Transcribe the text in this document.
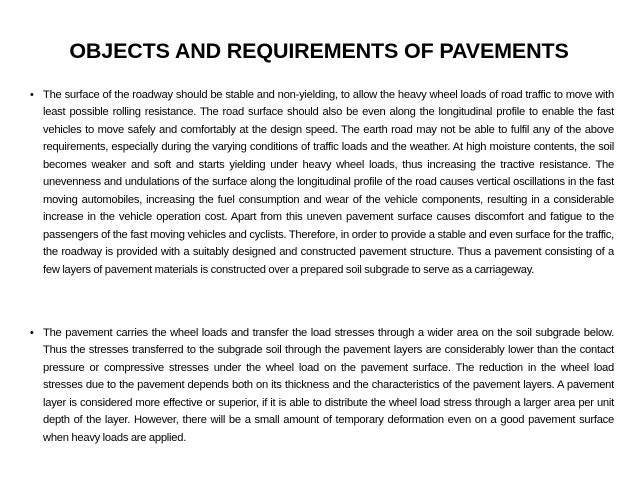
OBJECTS AND REQUIREMENTS OF PAVEMENTS
• The surface of the roadway should be stable and non-yielding, to allow the heavy wheel loads of road traffic to move with least possible rolling resistance. The road surface should also be even along the longitudinal profile to enable the fast vehicles to move safely and comfortably at the design speed. The earth road may not be able to fulfil any of the above requirements, especially during the varying conditions of traffic loads and the weather. At high moisture contents, the soil becomes weaker and soft and starts yielding under heavy wheel loads, thus increasing the tractive resistance. The unevenness and undulations of the surface along the longitudinal profile of the road causes vertical oscillations in the fast moving automobiles, increasing the fuel consumption and wear of the vehicle components, resulting in a considerable increase in the vehicle operation cost. Apart from this uneven pavement surface causes discomfort and fatigue to the passengers of the fast moving vehicles and cyclists. Therefore, in order to provide a stable and even surface for the traffic, the roadway is provided with a suitably designed and constructed pavement structure. Thus a pavement consisting of a few layers of pavement materials is constructed over a prepared soil subgrade to serve as a carriageway.
• The pavement carries the wheel loads and transfer the load stresses through a wider area on the soil subgrade below. Thus the stresses transferred to the subgrade soil through the pavement layers are considerably lower than the contact pressure or compressive stresses under the wheel load on the pavement surface. The reduction in the wheel load stresses due to the pavement depends both on its thickness and the characteristics of the pavement layers. A pavement layer is considered more effective or superior, if it is able to distribute the wheel load stress through a larger area per unit depth of the layer. However, there will be a small amount of temporary deformation even on a good pavement surface when heavy loads are applied.
